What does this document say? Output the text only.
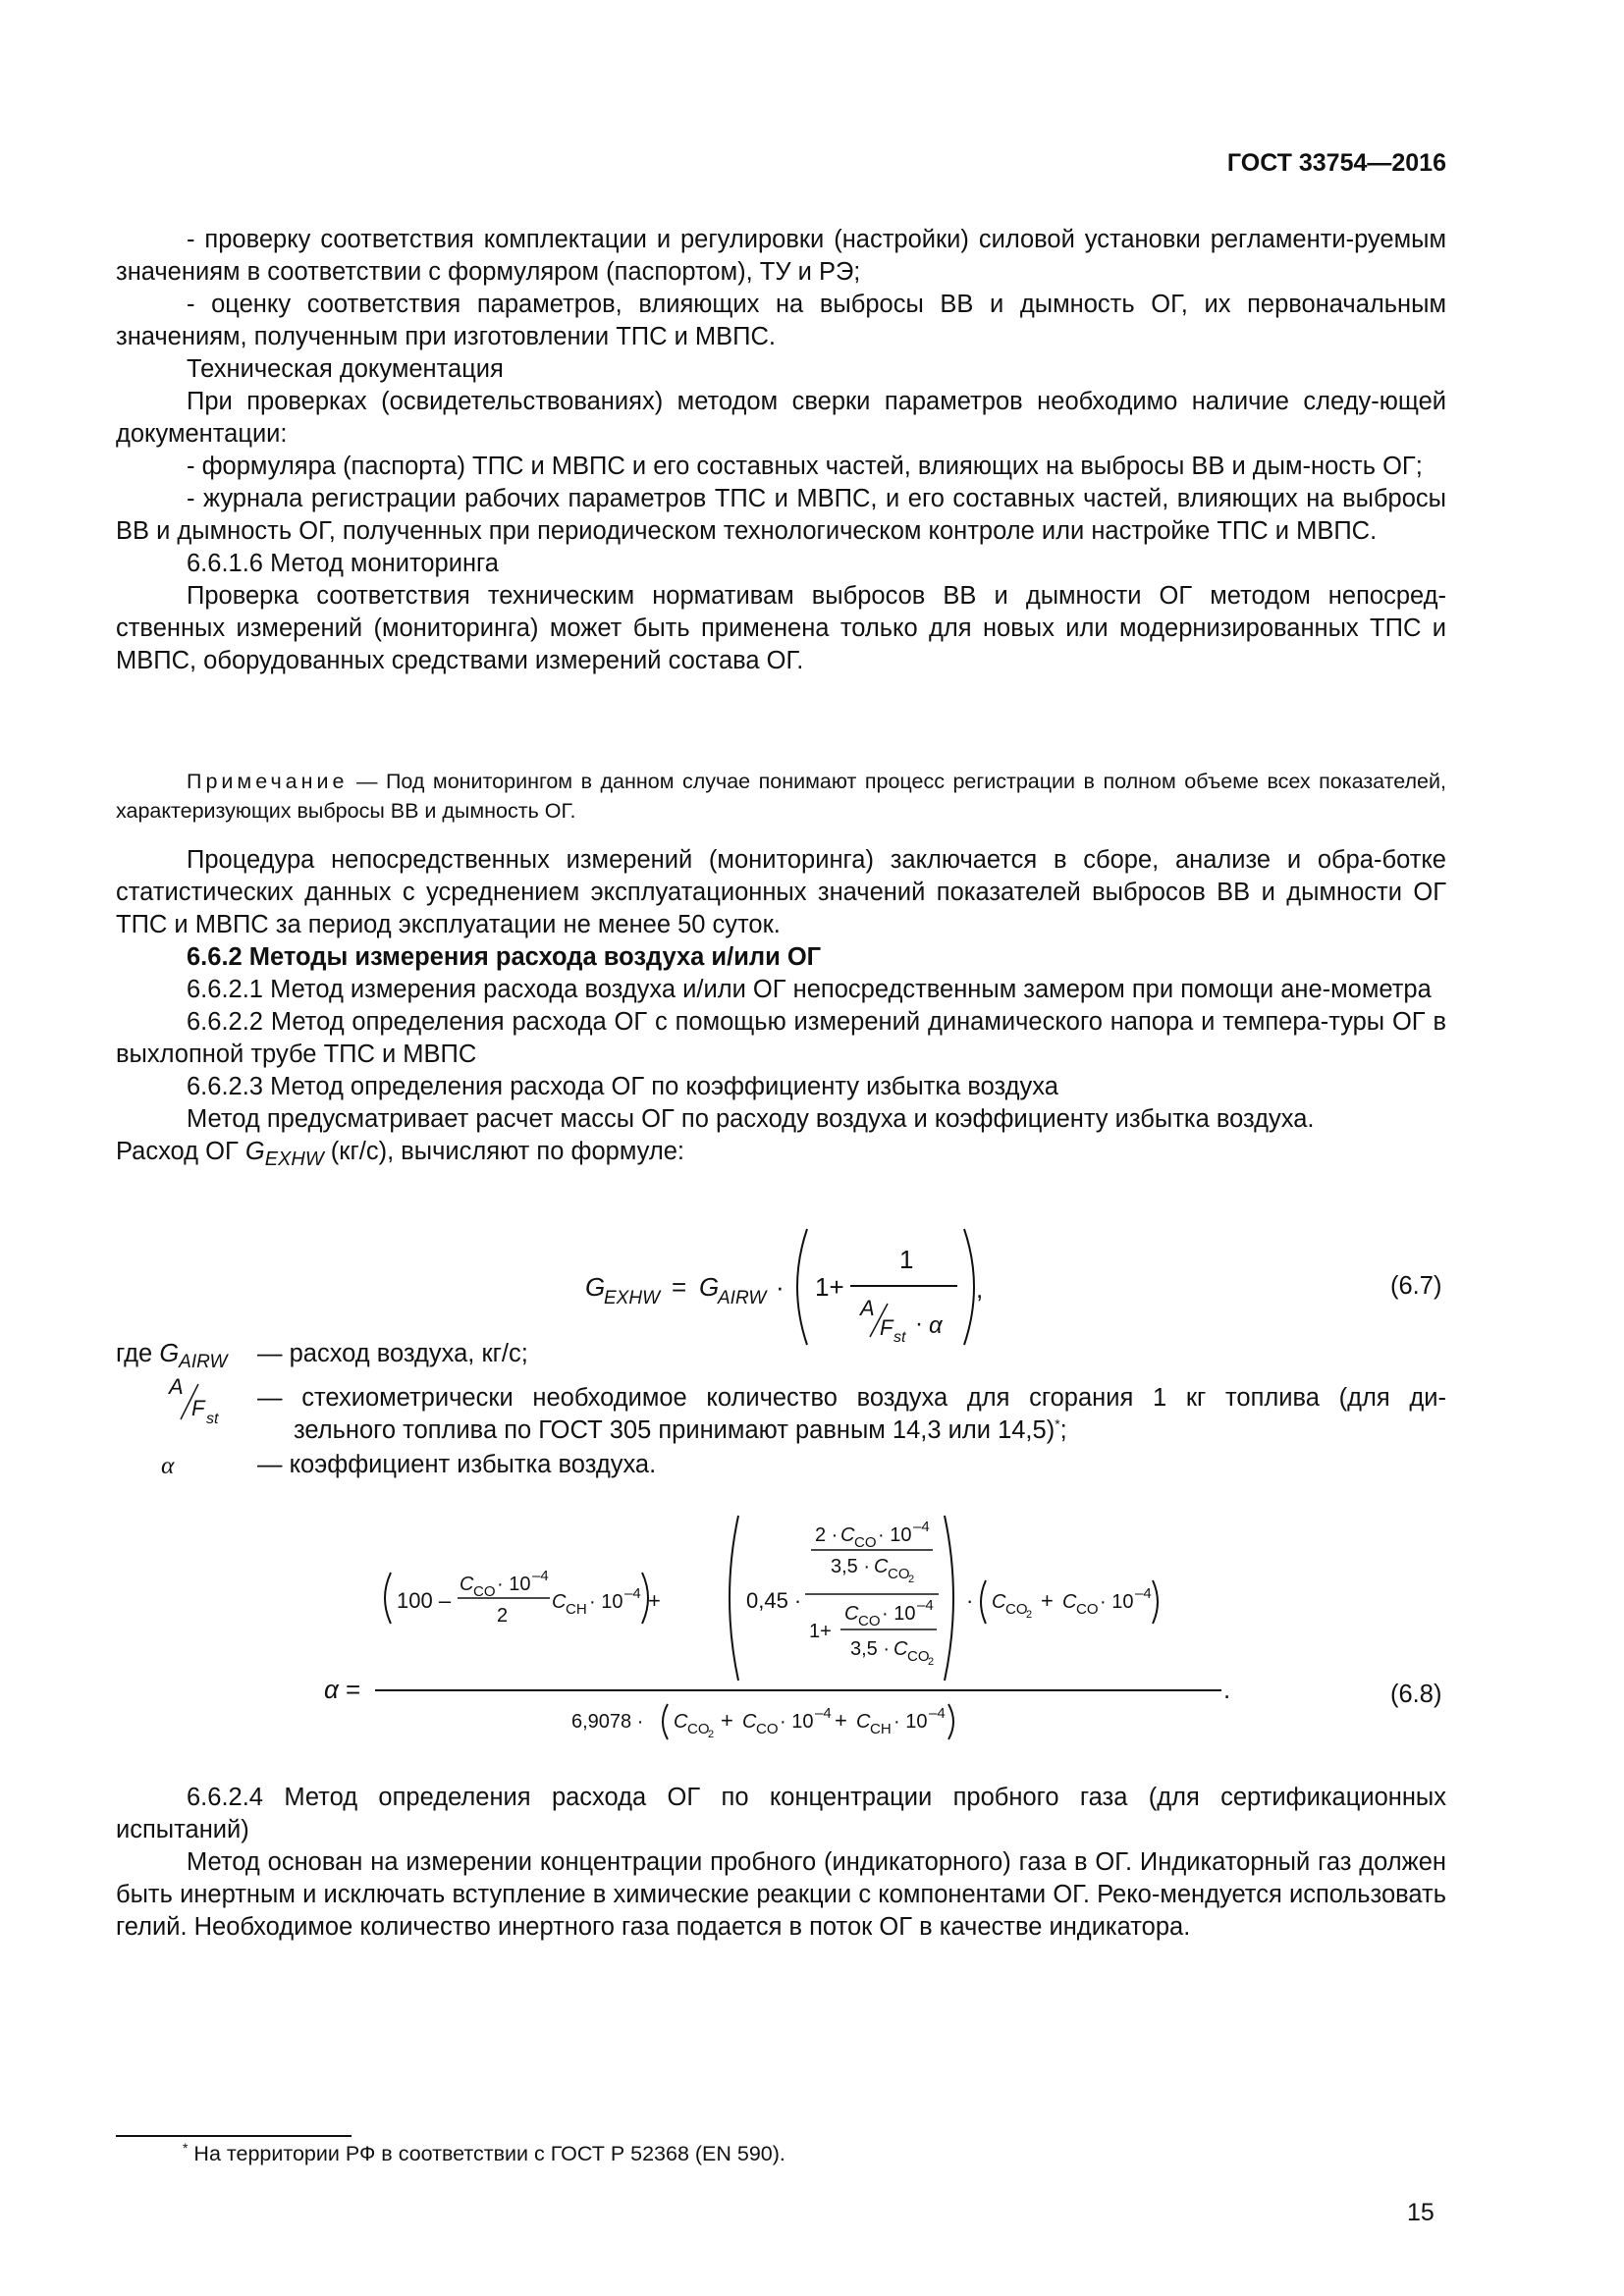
ГОСТ 33754—2016

- проверку соответствия комплектации и регулировки (настройки) силовой установки регламенти-руемым значениям в соответствии с формуляром (паспортом), ТУ и РЭ;

- оценку соответствия параметров, влияющих на выбросы ВВ и дымность ОГ, их первоначальным значениям, полученным при изготовлении ТПС и МВПС.

Техническая документация

При проверках (освидетельствованиях) методом сверки параметров необходимо наличие следу-ющей документации:

- формуляра (паспорта) ТПС и МВПС и его составных частей, влияющих на выбросы ВВ и дым-ность ОГ;

- журнала регистрации рабочих параметров ТПС и МВПС, и его составных частей, влияющих на выбросы ВВ и дымность ОГ, полученных при периодическом технологическом контроле или настройке ТПС и МВПС.

6.6.1.6 Метод мониторинга

Проверка соответствия техническим нормативам выбросов ВВ и дымности ОГ методом непосред-ственных измерений (мониторинга) может быть применена только для новых или модернизированных ТПС и МВПС, оборудованных средствами измерений состава ОГ.

Примечание — Под мониторингом в данном случае понимают процесс регистрации в полном объеме всех показателей, характеризующих выбросы ВВ и дымность ОГ.

Процедура непосредственных измерений (мониторинга) заключается в сборе, анализе и обра-ботке статистических данных с усреднением эксплуатационных значений показателей выбросов ВВ и дымности ОГ ТПС и МВПС за период эксплуатации не менее 50 суток.

6.6.2 Методы измерения расхода воздуха и/или ОГ

6.6.2.1 Метод измерения расхода воздуха и/или ОГ непосредственным замером при помощи ане-мометра

6.6.2.2 Метод определения расхода ОГ с помощью измерений динамического напора и темпера-туры ОГ в выхлопной трубе ТПС и МВПС

6.6.2.3 Метод определения расхода ОГ по коэффициенту избытка воздуха

Метод предусматривает расчет массы ОГ по расходу воздуха и коэффициенту избытка воздуха.

Расход ОГ $G_{EXHW}$ (кг/с), вычисляют по формуле:

G
EXHW = G
AIRW · 1+
1
A
F st
· α
,	(6.7)
где $G_{AIRW}$ — расход воздуха, кг/с;
A
F st
— стехиометрически необходимое количество воздуха для сгорания 1 кг топлива (для ди-
зельного топлива по ГОСТ 305 принимают равным 14,3 или 14,5)*;
α	— коэффициент избытка воздуха.
α =	.
100 –
C CO · 10 –4
2
C CH · 10 –4 +	0,45 ·
2 · C CO · 10 –4
3,5 · C CO
2
1+
C CO · 10 –4
3,5 · C CO
2
· C CO
2
+ C CO · 10 –4
6,9078 · C CO
2
+ C CO · 10 –4 + C CH · 10 –4
(6.8)

6.6.2.4 Метод определения расхода ОГ по концентрации пробного газа (для сертификационных испытаний)

Метод основан на измерении концентрации пробного (индикаторного) газа в ОГ. Индикаторный газ должен быть инертным и исключать вступление в химические реакции с компонентами ОГ. Реко-мендуется использовать гелий. Необходимое количество инертного газа подается в поток ОГ в качестве индикатора.

* На территории РФ в соответствии с ГОСТ Р 52368 (EN 590).
15
